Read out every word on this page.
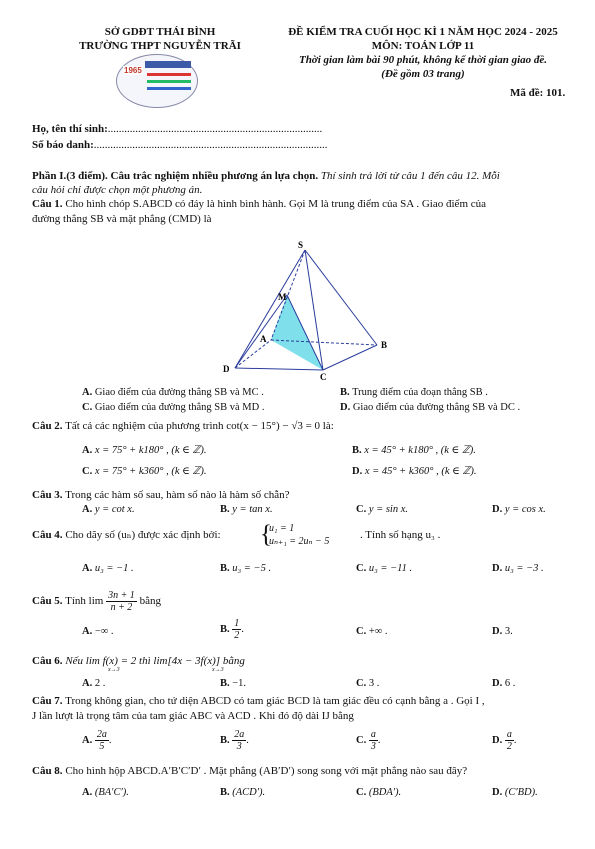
SỞ GDĐT THÁI BÌNH
TRƯỜNG THPT NGUYỄN TRÃI
1965
ĐỀ KIỂM TRA CUỐI HỌC KÌ 1 NĂM HỌC 2024 - 2025
MÔN: TOÁN LỚP 11
Thời gian làm bài 90 phút, không kể thời gian giao đề.
(Đề gồm 03 trang)
Mã đề: 101.
Họ, tên thí sinh:..............................................................................
Số báo danh:.....................................................................................
Phần I.(3 điểm). Câu trắc nghiệm nhiều phương án lựa chọn. Thí sinh trả lời từ câu 1 đến câu 12. Mỗi
câu hỏi chỉ được chọn một phương án.
Câu 1. Cho hình chóp S.ABCD có đáy là hình bình hành. Gọi M là trung điểm của SA . Giao điểm của
đường thẳng SB và mặt phẳng (CMD) là
S
M
A
B
C
D
A. Giao điểm của đường thẳng SB và MC .	B. Trung điểm của đoạn thẳng SB .
C. Giao điểm của đường thẳng SB và MD .	D. Giao điểm của đường thẳng SB và DC .
Câu 2. Tất cả các nghiệm của phương trình cot(x − 15°) − √3 = 0 là:
A. x = 75° + k180° , (k ∈ ℤ).	B. x = 45° + k180° , (k ∈ ℤ).
C. x = 75° + k360° , (k ∈ ℤ).	D. x = 45° + k360° , (k ∈ ℤ).
Câu 3. Trong các hàm số sau, hàm số nào là hàm số chẵn?
A. y = cot x.	B. y = tan x.	C. y = sin x.	D. y = cos x.
Câu 4. Cho dãy số (uₙ) được xác định bởi: {
u₁ = 1
uₙ₊₁ = 2uₙ − 5
. Tính số hạng u₃ .
A. u₃ = −1 .	B. u₃ = −5 .	C. u₃ = −11 .	D. u₃ = −3 .
Câu 5. Tính $\lim \frac{3n + 1}{n + 2}$ bằng
A. −∞ .	B. $\frac{1}{2}$ .	C. +∞ .	D. 3.
Câu 6. Nếu lim f(x) = 2 thì lim[4x − 3f(x)] bằng
x→3	x→3
A. 2 .	B. −1.	C. 3 .	D. 6 .
Câu 7. Trong không gian, cho tứ diện ABCD có tam giác BCD là tam giác đều có cạnh bằng a . Gọi I ,
J lần lượt là trọng tâm của tam giác ABC và ACD . Khi đó độ dài IJ bằng
A. $\frac{2a}{5}$ .	B. $\frac{2a}{3}$ .	C. $\frac{a}{3}$ .	D. $\frac{a}{2}$ .
Câu 8. Cho hình hộp ABCD.A′B′C′D′ . Mặt phẳng (AB′D′) song song với mặt phẳng nào sau đây?
A. (BA′C′).	B. (ACD′).	C. (BDA′).	D. (C′BD).
